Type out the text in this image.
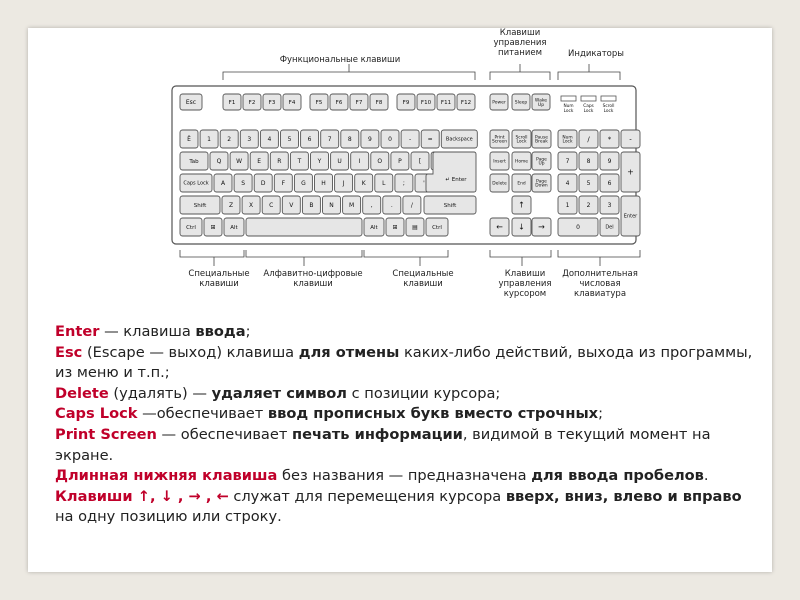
Esc	F1 F2 F3 F4	F5 F6 F7 F8	F9 F10 F11 F12	Power Sleep Wake
Up	Num
Lock
Caps
Lock
Scroll
Lock
Ё	1	2	3	4	5	6	7	8	9	0	-	=	Backspace
Tab	Q W	E	R	T	Y	U	I	O	P	[
Caps Lock A	S	D	F	G	H	J	K	L	;	'	↵ Enter
Shift	Z	X	C	V	B	N	M	,	.	/	Shift
Ctrl ⊞	Alt	Alt ⊞ ▤	Ctrl
Print
Screen
Scroll
Lock
Pause
Break
Insert Home Page
Up
Delete End Page
Down
↑
← ↓ →
Num
Lock /	*	-
7	8	9
+
4	5	6
1	2	3
Enter
0	Del
Функциональные клавиши
Клавиши
управления
питанием	Индикаторы
Специальные
клавиши
Алфавитно-цифровые
клавиши
Специальные
клавиши
Клавиши
управления
курсором
Дополнительная
числовая
клавиатура

Enter — клавиша ввода;

Esc (Escape — выход) клавиша для отмены каких-либо действий, выхода из программы, из меню и т.п.;

Delete (удалять) — удаляет символ с позиции курсора;

Caps Lock —обеспечивает ввод прописных букв вместо строчных;

Print Screen — обеспечивает печать информации, видимой в текущий момент на экране.

Длинная нижняя клавиша без названия — предназначена для ввода пробелов.

Клавиши ↑, ↓ , → , ← служат для перемещения курсора вверх, вниз, влево и вправо на одну позицию или строку.
